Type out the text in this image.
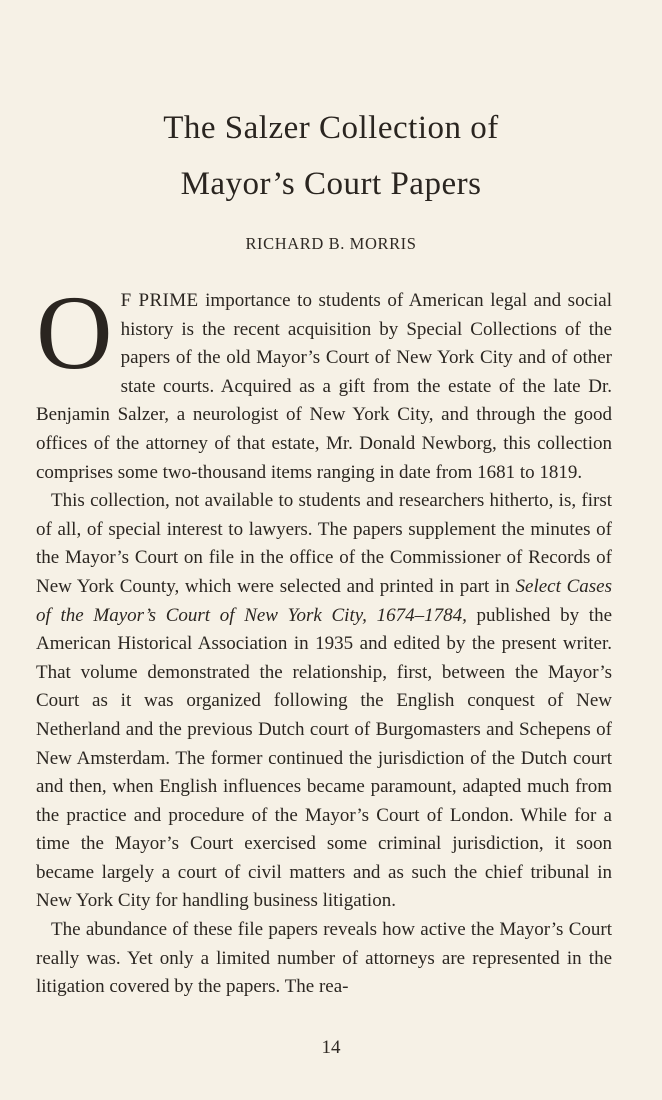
The Salzer Collection of
Mayor’s Court Papers
RICHARD B. MORRIS

O F PRIME importance to students of American legal and social history is the recent acquisition by Special Collections of the papers of the old Mayor’s Court of New York City and of other state courts. Acquired as a gift from the estate of the late Dr. Benjamin Salzer, a neurologist of New York City, and through the good offices of the attorney of that estate, Mr. Donald Newborg, this collection comprises some two-thousand items ranging in date from 1681 to 1819.

This collection, not available to students and researchers hitherto, is, first of all, of special interest to lawyers. The papers supplement the minutes of the Mayor’s Court on file in the office of the Commissioner of Records of New York County, which were selected and printed in part in Select Cases of the Mayor’s Court of New York City, 1674–1784, published by the American Historical Association in 1935 and edited by the present writer. That volume demonstrated the relationship, first, between the Mayor’s Court as it was organized following the English conquest of New Netherland and the previous Dutch court of Burgomasters and Schepens of New Amsterdam. The former continued the jurisdiction of the Dutch court and then, when English influences became paramount, adapted much from the practice and procedure of the Mayor’s Court of London. While for a time the Mayor’s Court exercised some criminal jurisdiction, it soon became largely a court of civil matters and as such the chief tribunal in New York City for handling business litigation.

The abundance of these file papers reveals how active the Mayor’s Court really was. Yet only a limited number of attorneys are represented in the litigation covered by the papers. The rea-

14
